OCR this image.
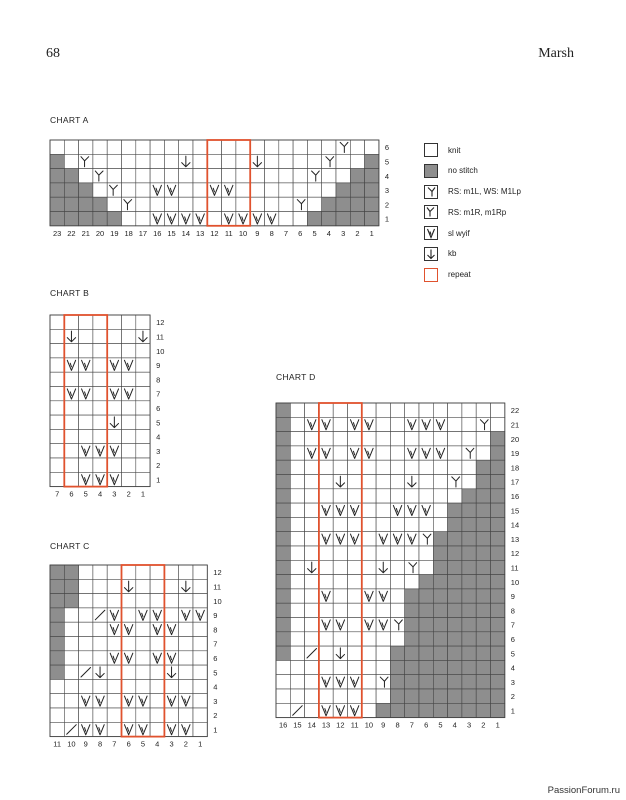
68	Marsh
CHART A
23 22 21 20 19 18 17 16 15 14 13 12 11 10 9 8 7 6 5 4 3 2 1
6
5
4
3
2
1
CHART B
7 6 5 4 3 2 1
12
11
10
9
8
7
6
5
4
3
2
1
CHART C
11 10 9 8 7 6 5 4 3 2 1
12
11
10
9
8
7
6
5
4
3
2
1
CHART D
16 15 14 13 12 11 10 9 8 7 6 5 4 3 2 1
22
21
20
19
18
17
16
15
14
13
12
11
10
9
8
7
6
5
4
3
2
1
knit
no stitch
RS: m1L, WS: M1Lp
RS: m1R, m1Rp
sl wyif
kb
repeat
PassionForum.ru
